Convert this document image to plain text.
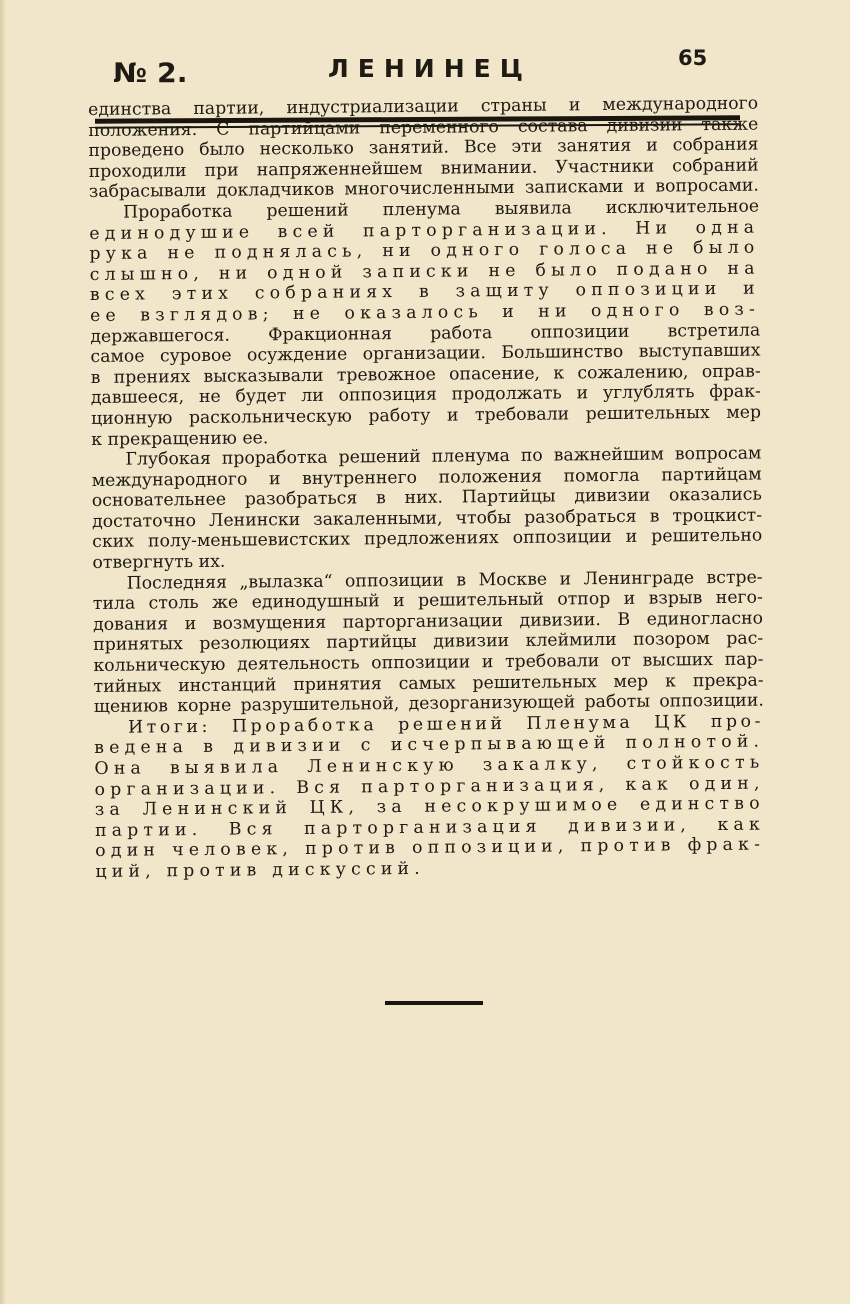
№ 2.	ЛЕНИНЕЦ	65
единства партии, индустриализации страны и международного
положения. С партийцами переменного состава дивизии также
проведено было несколько занятий. Все эти занятия и собрания
проходили при напряженнейшем внимании. Участники собраний
забрасывали докладчиков многочисленными записками и вопросами.
Проработка решений пленума выявила исключительное
единодушие всей парторганизации. Ни одна
рука не поднялась, ни одного голоса не было
слышно, ни одной записки не было подано на
всех этих собраниях в защиту оппозиции и
ее взглядов; не оказалось и ни одного воз-
державшегося. Фракционная работа оппозиции встретила
самое суровое осуждение организации. Большинство выступавших
в прениях высказывали тревожное опасение, к сожалению, оправ-
давшееся, не будет ли оппозиция продолжать и углублять фрак-
ционную раскольническую работу и требовали решительных мер
к прекращению ее.
Глубокая проработка решений пленума по важнейшим вопросам
международного и внутреннего положения помогла партийцам
основательнее разобраться в них. Партийцы дивизии оказались
достаточно Ленински закаленными, чтобы разобраться в троцкист-
ских полу-меньшевистских предложениях оппозиции и решительно
отвергнуть их.
Последняя „вылазка“ оппозиции в Москве и Ленинграде встре-
тила столь же единодушный и решительный отпор и взрыв него-
дования и возмущения парторганизации дивизии. В единогласно
принятых резолюциях партийцы дивизии клеймили позором рас-
кольническую деятельность оппозиции и требовали от высших пар-
тийных инстанций принятия самых решительных мер к прекра-
щениюв корне разрушительной, дезорганизующей работы оппозиции.
Итоги: Проработка решений Пленума ЦК про-
ведена в дивизии с исчерпывающей полнотой.
Она выявила Ленинскую закалку, стойкость
организации. Вся парторганизация, как один,
за Ленинский ЦК, за несокрушимое единство
партии. Вся парторганизация дивизии, как
один человек, против оппозиции, против фрак-
ций, против дискуссий.
